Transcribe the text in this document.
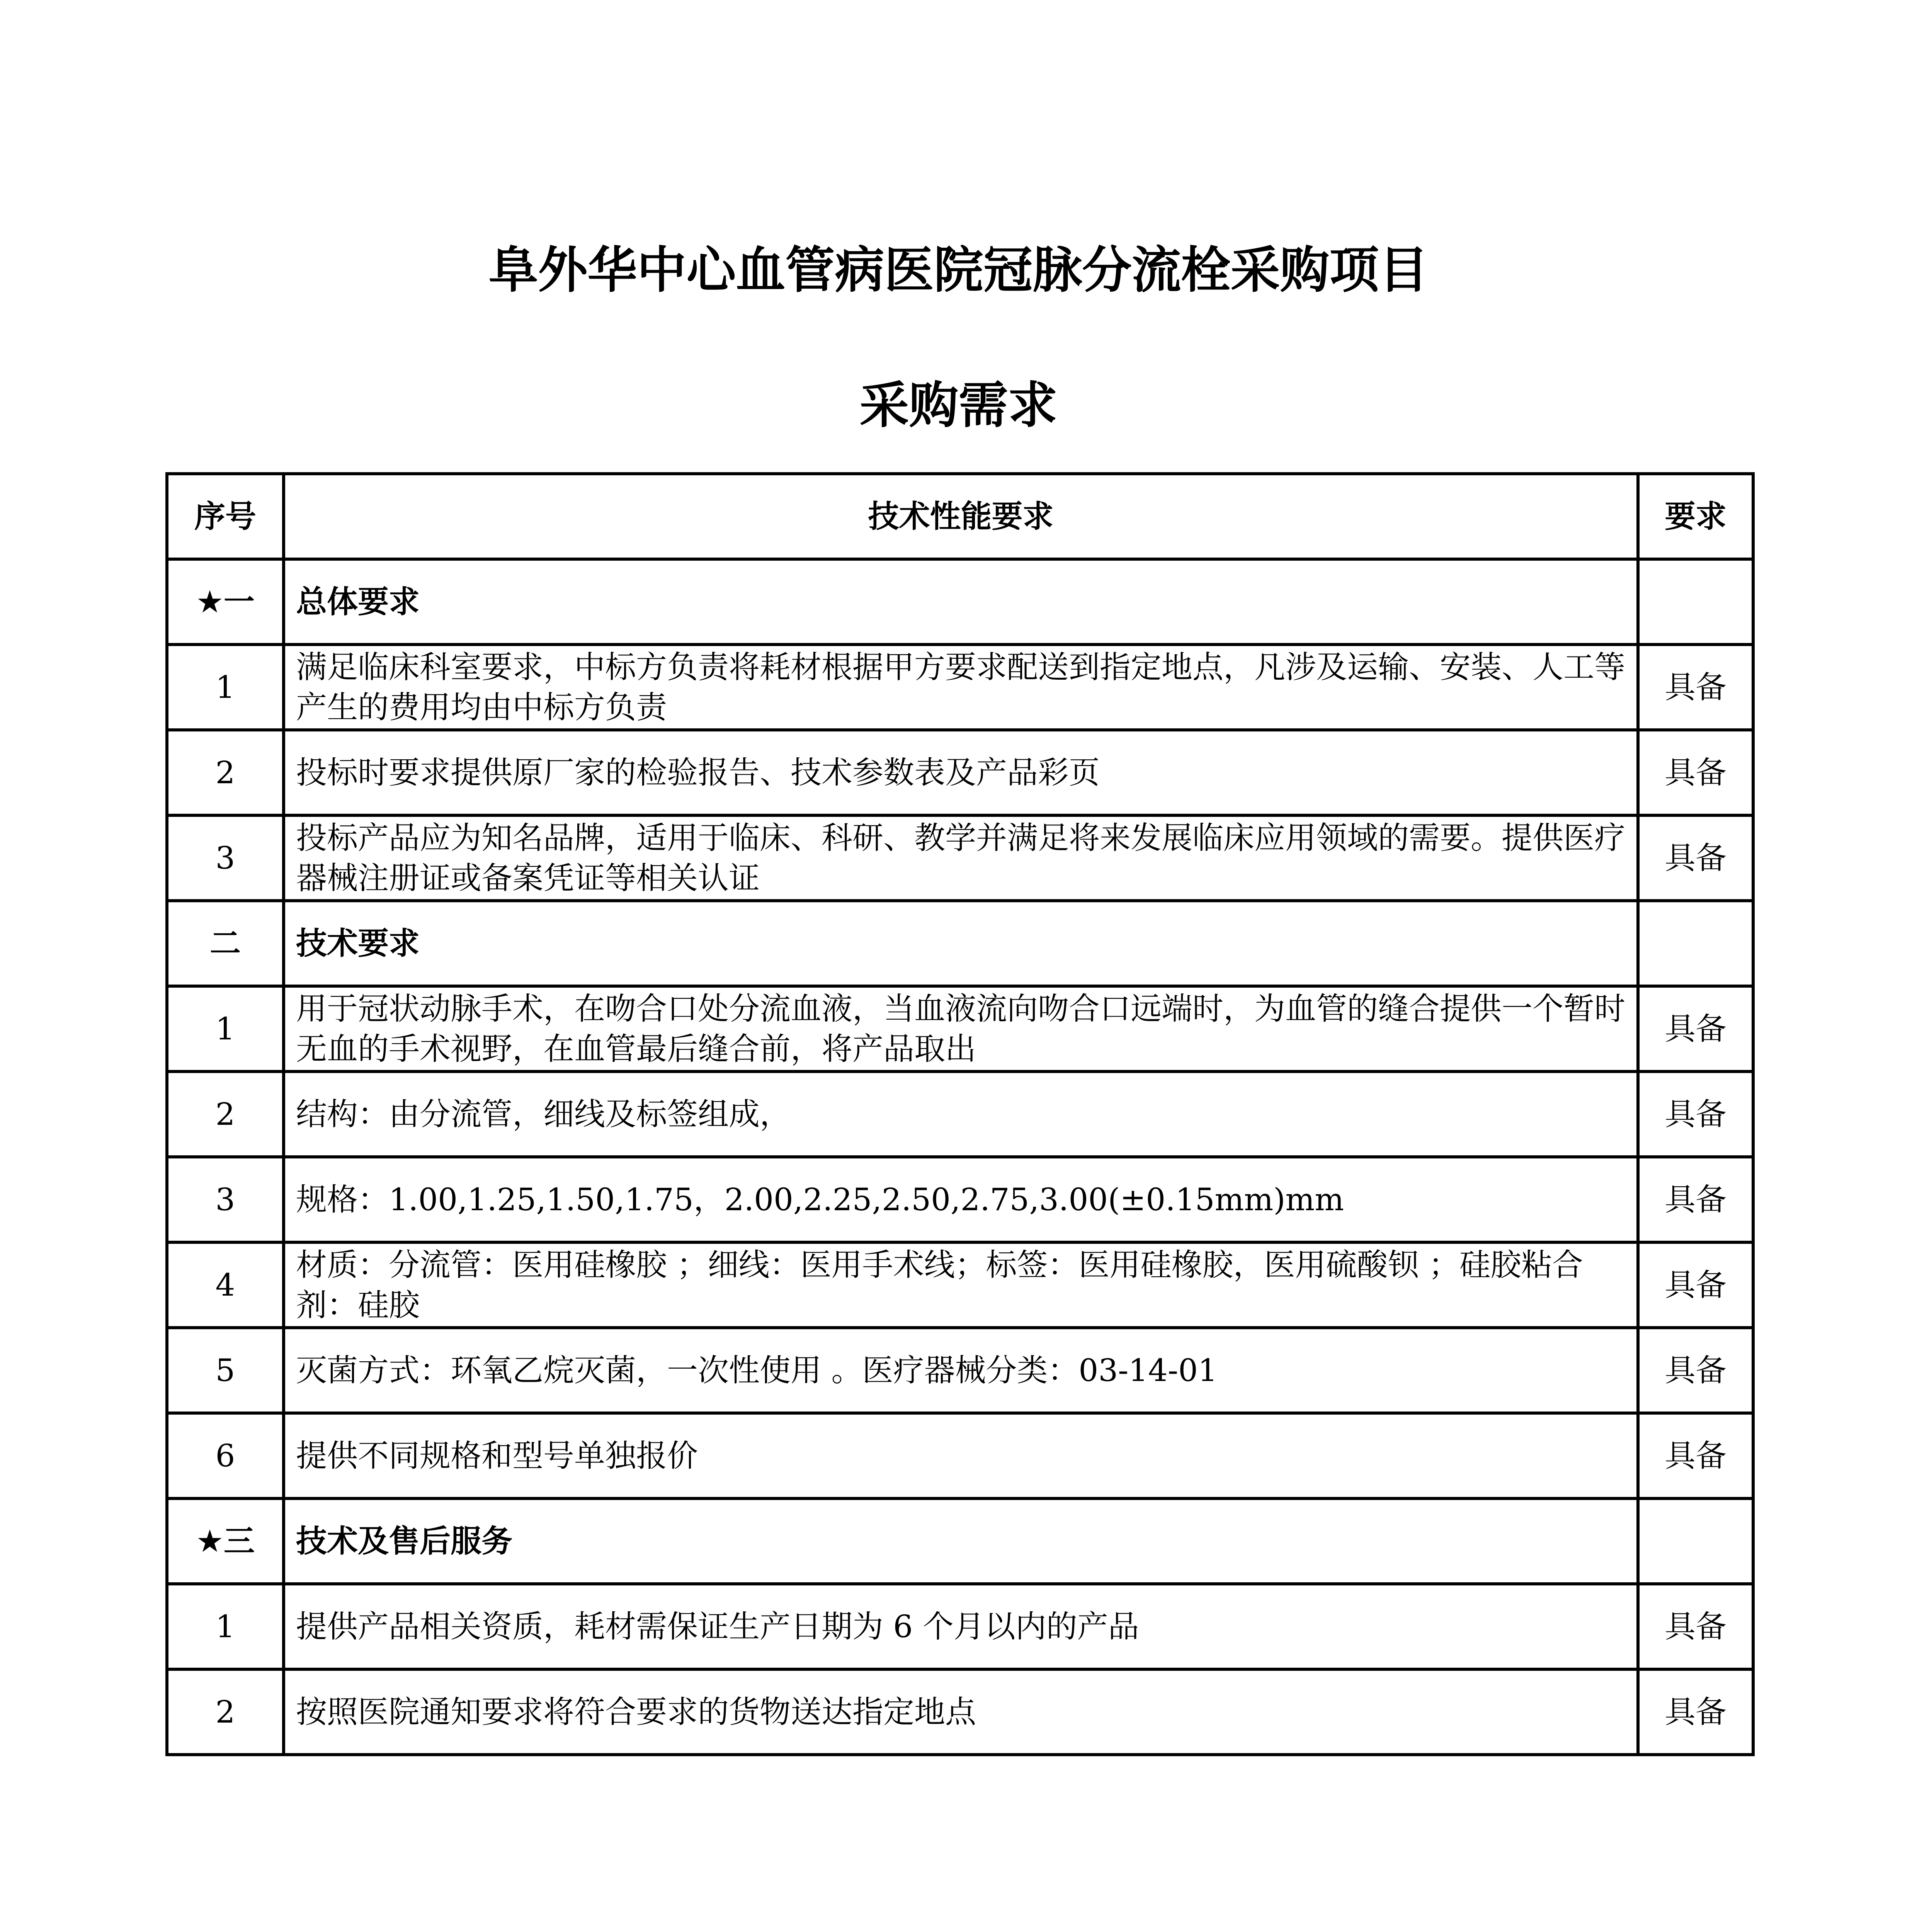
阜外华中心血管病医院冠脉分流栓采购项目
采购需求
序号	技术性能要求	要求
★一	总体要求	
1	满足临床科室要求，中标方负责将耗材根据甲方要求配送到指定地点，凡涉及运输、安装、人工等产生的费用均由中标方负责	具备
2	投标时要求提供原厂家的检验报告、技术参数表及产品彩页	具备
3	投标产品应为知名品牌，适用于临床、科研、教学并满足将来发展临床应用领域的需要。提供医疗器械注册证或备案凭证等相关认证	具备
二	技术要求	
1	用于冠状动脉手术，在吻合口处分流血液，当血液流向吻合口远端时，为血管的缝合提供一个暂时无血的手术视野，在血管最后缝合前，将产品取出	具备
2	结构：由分流管，细线及标签组成，	具备
3	规格：1.00,1.25,1.50,1.75，2.00,2.25,2.50,2.75,3.00(±0.15mm)mm	具备
4	材质：分流管：医用硅橡胶 ；细线：医用手术线；标签：医用硅橡胶，医用硫酸钡 ；硅胶粘合剂：硅胶	具备
5	灭菌方式：环氧乙烷灭菌，一次性使用 。医疗器械分类：03-14-01	具备
6	提供不同规格和型号单独报价	具备
★三	技术及售后服务	
1	提供产品相关资质，耗材需保证生产日期为 6 个月以内的产品	具备
2	按照医院通知要求将符合要求的货物送达指定地点	具备
